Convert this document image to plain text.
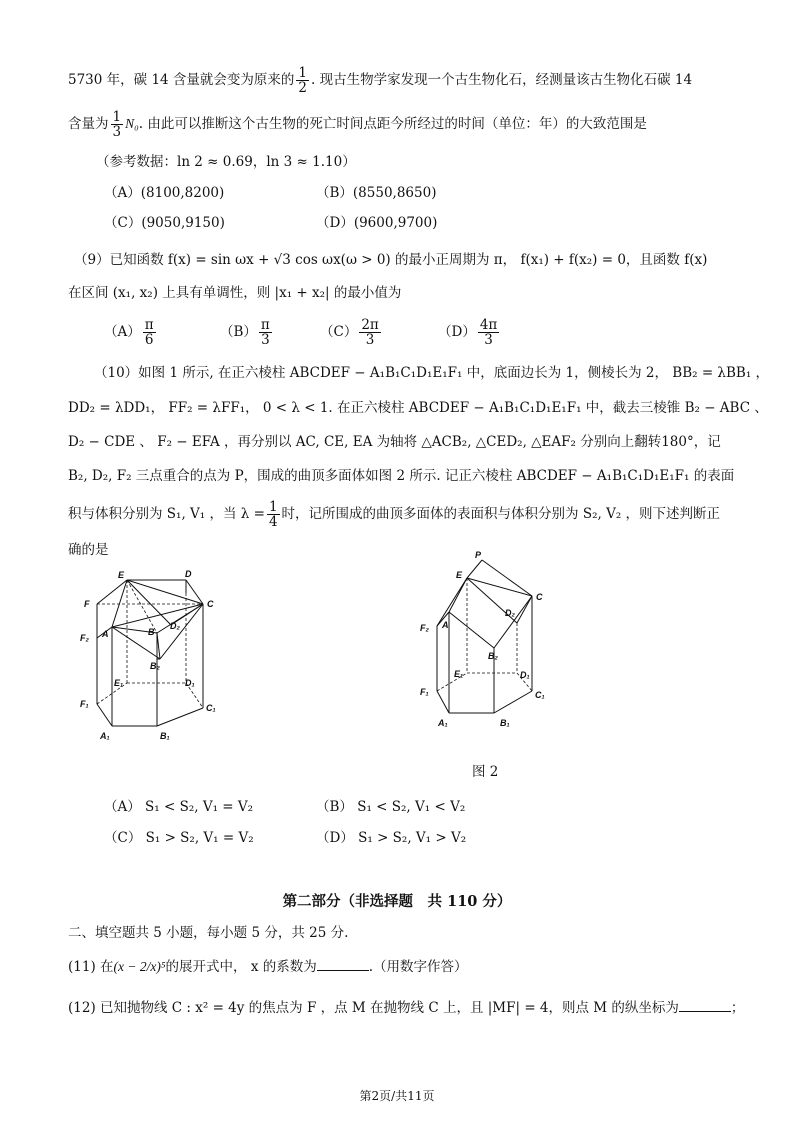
5730 年，碳 14 含量就会变为原来的 $\frac{1}{2}$ . 现古生物学家发现一个古生物化石，经测量该古生物化石碳 14
含量为 $\frac{1}{3} N_0$. 由此可以推断这个古生物的死亡时间点距今所经过的时间（单位：年）的大致范围是
（参考数据：ln 2 ≈ 0.69，ln 3 ≈ 1.10）
（A）(8100,8200)	（B）(8550,8650)
（C）(9050,9150)	（D）(9600,9700)
（9）已知函数 f(x) = sin ωx + √3 cos ωx(ω > 0) 的最小正周期为 π， f(x₁) + f(x₂) = 0，且函数 f(x)
在区间 (x₁, x₂) 上具有单调性，则 |x₁ + x₂| 的最小值为
$(A) \frac{\pi}{6}$	$(B) \frac{\pi}{3}$	$(C) \frac{2\pi}{3}$	$(D) \frac{4\pi}{3}$
（10）如图 1 所示, 在正六棱柱 ABCDEF − A₁B₁C₁D₁E₁F₁ 中，底面边长为 1，侧棱长为 2， BB₂ = λBB₁ ，
DD₂ = λDD₁， FF₂ = λFF₁， 0 < λ < 1. 在正六棱柱 ABCDEF − A₁B₁C₁D₁E₁F₁ 中，截去三棱锥 B₂ − ABC 、
D₂ − CDE 、 F₂ − EFA ，再分别以 AC, CE, EA 为轴将 △ACB₂, △CED₂, △EAF₂ 分别向上翻转180°，记
B₂, D₂, F₂ 三点重合的点为 P，围成的曲顶多面体如图 2 所示. 记正六棱柱 ABCDEF − A₁B₁C₁D₁E₁F₁ 的表面
积与体积分别为 S₁, V₁ ，当 $\lambda = \frac{1}{4}$ 时，记所围成的曲顶多面体的表面积与体积分别为 S₂, V₂ ，则下述判断正
确的是
E	D
F	C
F₂ A	B
D₂
B₂
E₁	D₁
F₁	C₁
A₁	B₁
P
E
C
D₂
F₂ A
B₂
E₁	D₁
F₁	C₁
A₁	B₁
图 2
（A） S₁ < S₂, V₁ = V₂	（B） S₁ < S₂, V₁ < V₂
（C） S₁ > S₂, V₁ = V₂	（D） S₁ > S₂, V₁ > V₂
第二部分（非选择题　共 110 分）
二、填空题共 5 小题，每小题 5 分，共 25 分.
(11) 在(x − 2/x)⁵的展开式中， x 的系数为	.（用数字作答）
(12) 已知抛物线 C : x² = 4y 的焦点为 F ，点 M 在抛物线 C 上，且 |MF| = 4，则点 M 的纵坐标为	；
第2页/共11页
